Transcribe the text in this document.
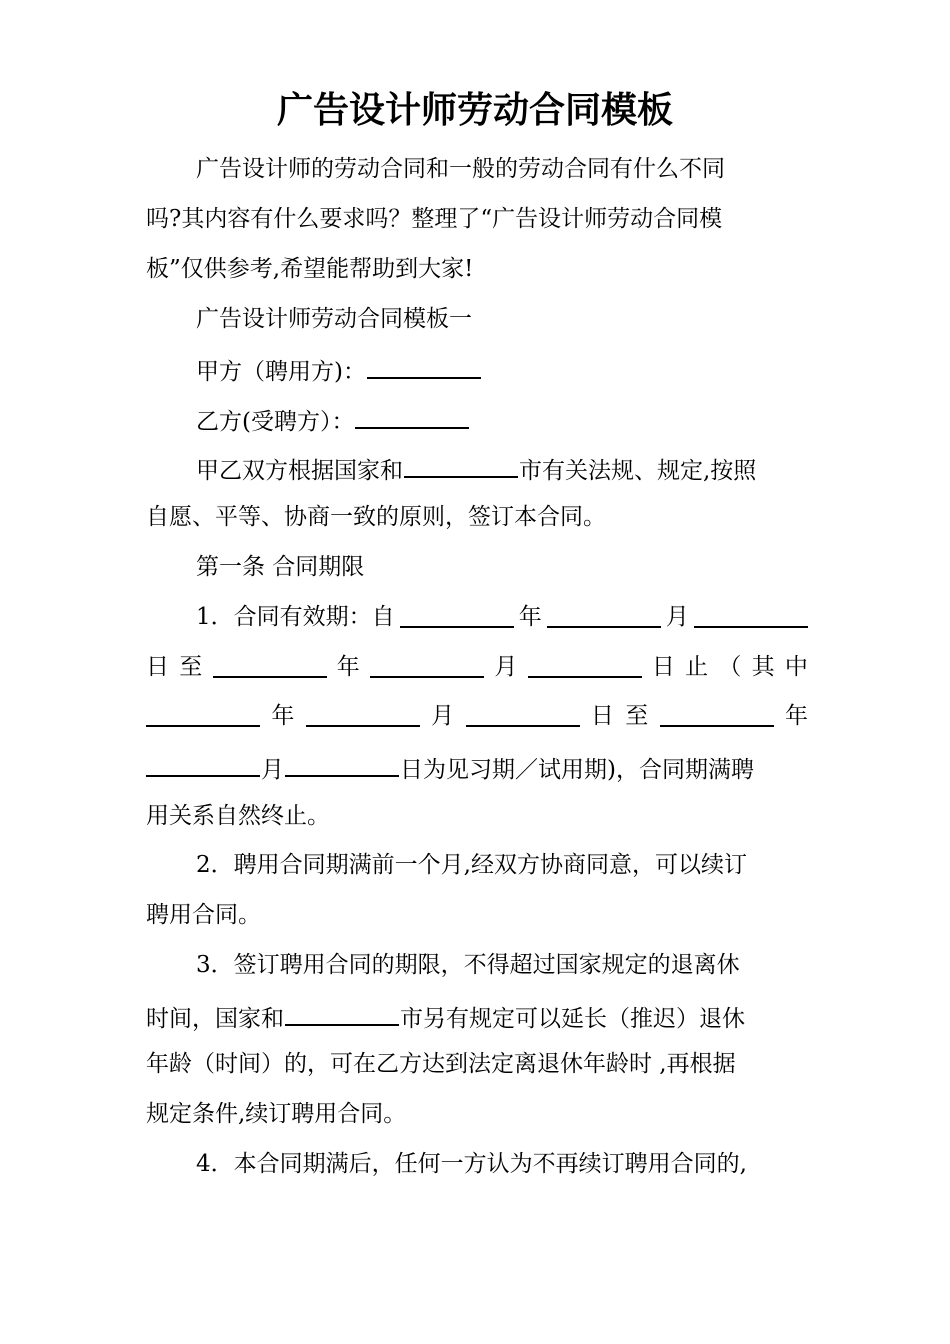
广告设计师劳动合同模板
广告设计师的劳动合同和一般的劳动合同有什么不同
吗?其内容有什么要求吗？整理了“广告设计师劳动合同模
板”仅供参考,希望能帮助到大家!
广告设计师劳动合同模板一
甲方（聘用方)：
乙方(受聘方）：
甲乙双方根据国家和	市有关法规、规定,按照
自愿、平等、协商一致的原则，签订本合同。
第一条 合同期限
1．合同有效期：自	年	月
日 至	年	月	日 止 （ 其 中
年	月	日 至	年
月	日为见习期／试用期)，合同期满聘
用关系自然终止。
2．聘用合同期满前一个月,经双方协商同意，可以续订
聘用合同。
3．签订聘用合同的期限，不得超过国家规定的退离休
时间，国家和	市另有规定可以延长（推迟）退休
年龄（时间）的，可在乙方达到法定离退休年龄时 ,再根据
规定条件,续订聘用合同。
4．本合同期满后，任何一方认为不再续订聘用合同的,
